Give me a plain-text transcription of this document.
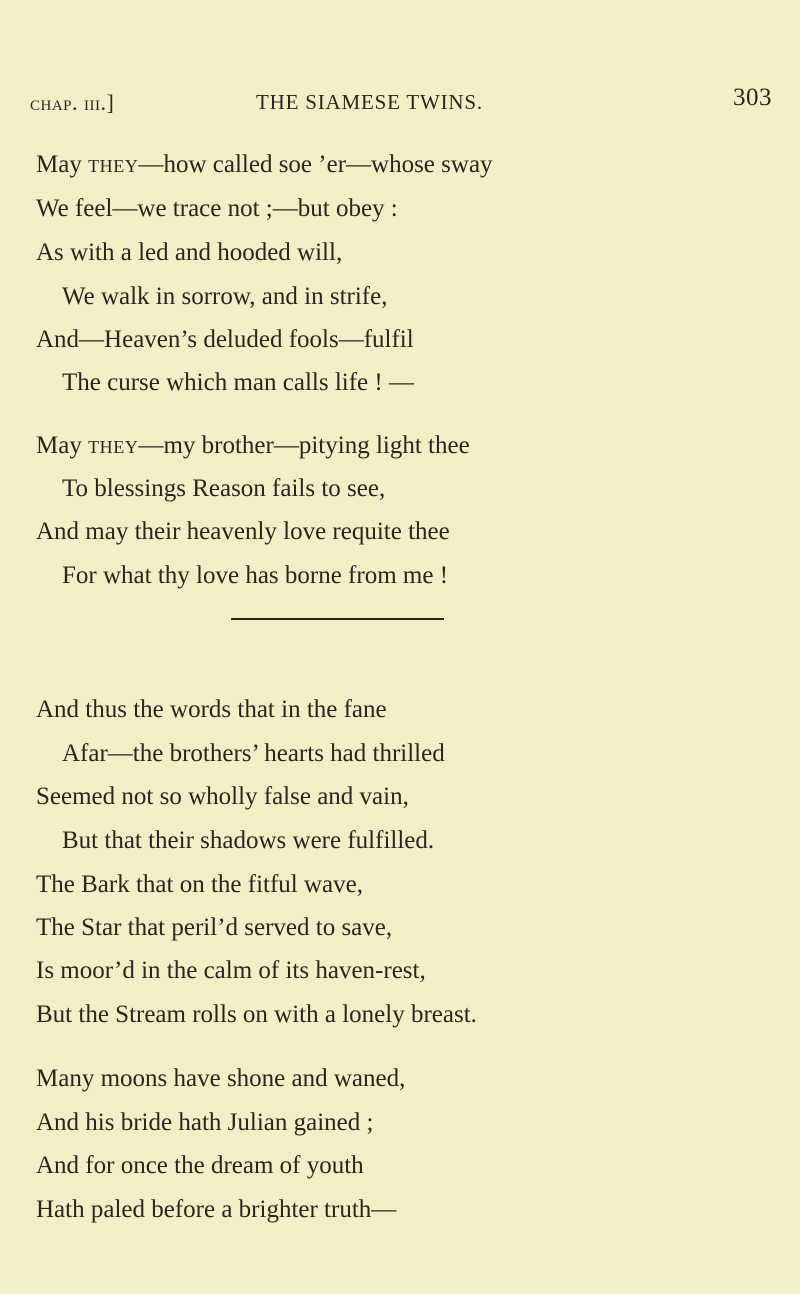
chap. iii.]	THE SIAMESE TWINS.	303
May they—how called soe ’er—whose sway
We feel—we trace not ;—but obey :
As with a led and hooded will,
We walk in sorrow, and in strife,
And—Heaven’s deluded fools—fulfil
The curse which man calls life ! —
May they—my brother—pitying light thee
To blessings Reason fails to see,
And may their heavenly love requite thee
For what thy love has borne from me !
And thus the words that in the fane
Afar—the brothers’ hearts had thrilled
Seemed not so wholly false and vain,
But that their shadows were fulfilled.
The Bark that on the fitful wave,
The Star that peril’d served to save,
Is moor’d in the calm of its haven-rest,
But the Stream rolls on with a lonely breast.
Many moons have shone and waned,
And his bride hath Julian gained ;
And for once the dream of youth
Hath paled before a brighter truth—
